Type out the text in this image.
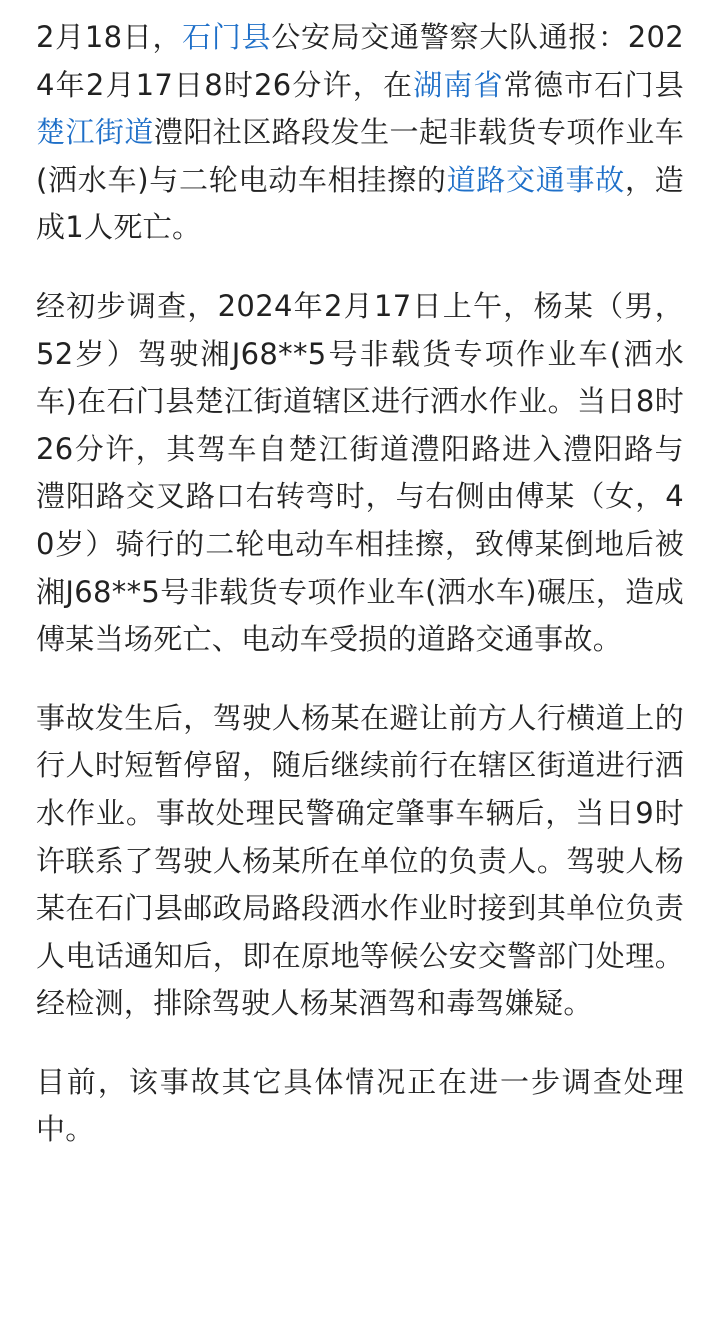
2月18日，石门县公安局交通警察大队通报：2024年2月17日8时26分许，在湖南省常德市石门县楚江街道澧阳社区路段发生一起非载货专项作业车(洒水车)与二轮电动车相挂擦的道路交通事故，造成1人死亡。

经初步调查，2024年2月17日上午，杨某（男，52岁）驾驶湘J68**5号非载货专项作业车(洒水车)在石门县楚江街道辖区进行洒水作业。当日8时26分许，其驾车自楚江街道澧阳路进入澧阳路与澧阳路交叉路口右转弯时，与右侧由傅某（女，40岁）骑行的二轮电动车相挂擦，致傅某倒地后被湘J68**5号非载货专项作业车(洒水车)碾压，造成傅某当场死亡、电动车受损的道路交通事故。

事故发生后，驾驶人杨某在避让前方人行横道上的行人时短暂停留，随后继续前行在辖区街道进行洒水作业。事故处理民警确定肇事车辆后，当日9时许联系了驾驶人杨某所在单位的负责人。驾驶人杨某在石门县邮政局路段洒水作业时接到其单位负责人电话通知后，即在原地等候公安交警部门处理。经检测，排除驾驶人杨某酒驾和毒驾嫌疑。

目前，该事故其它具体情况正在进一步调查处理中。
